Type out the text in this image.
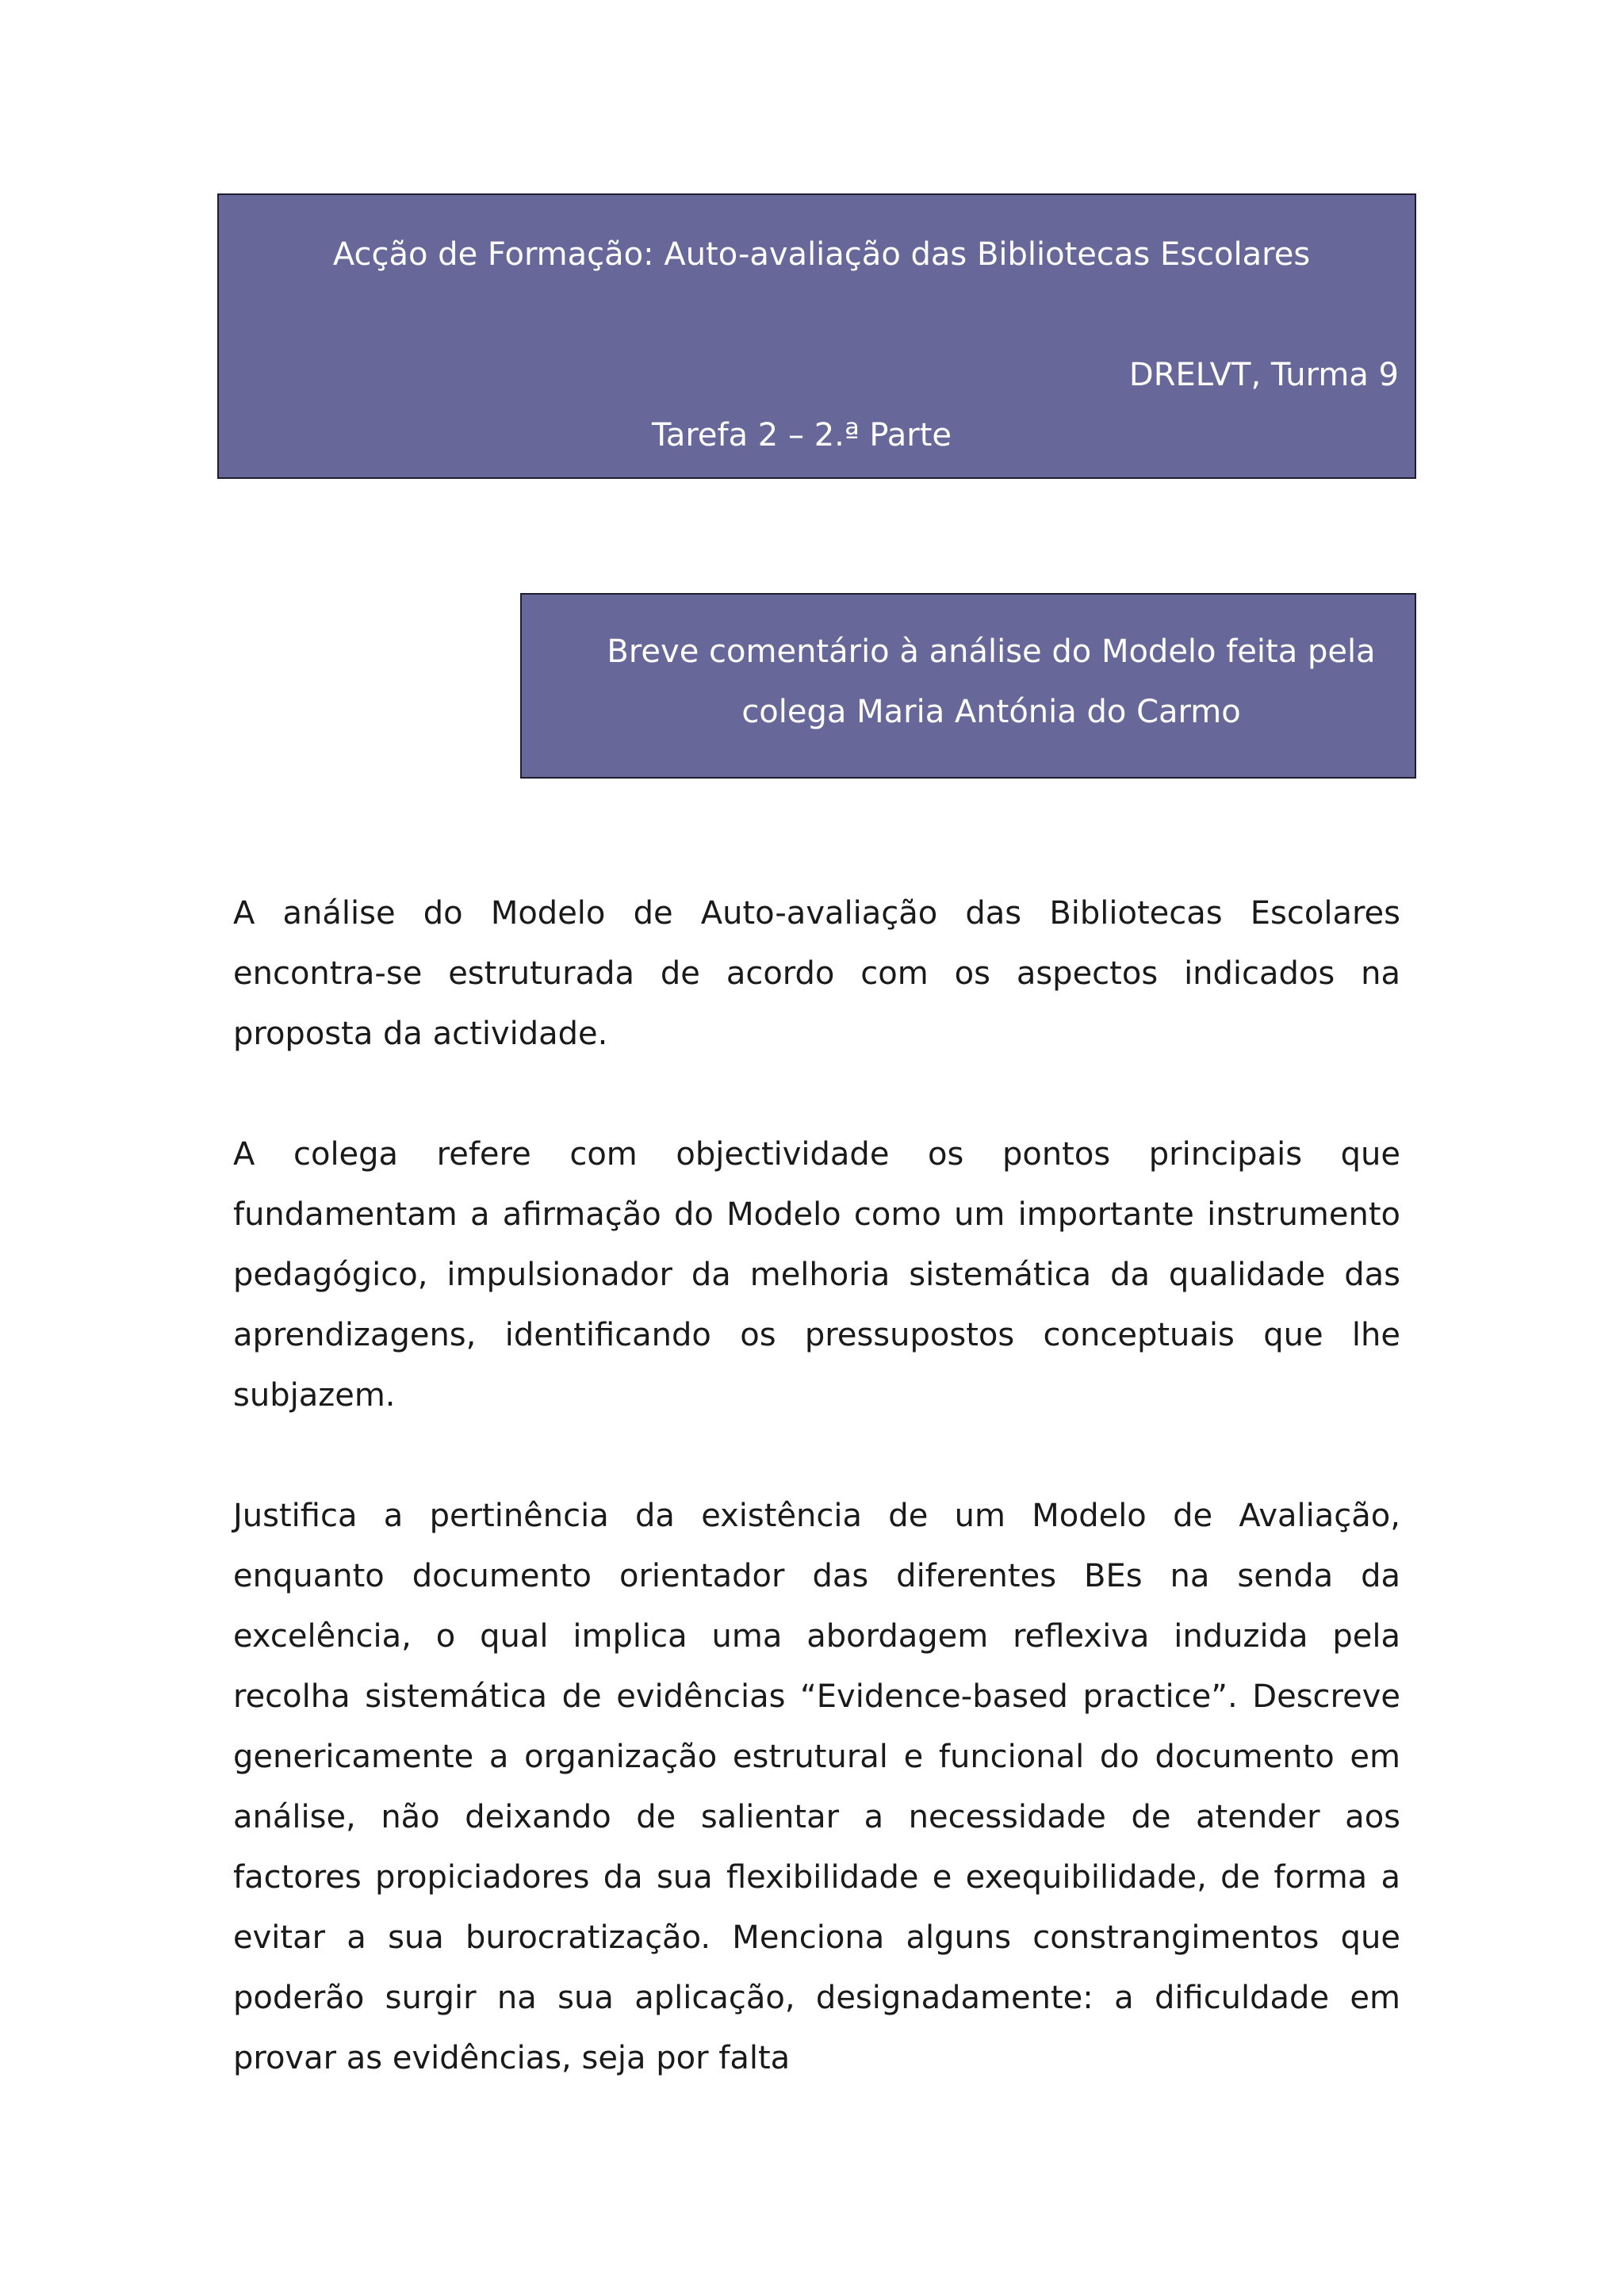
Acção de Formação: Auto-avaliação das Bibliotecas Escolares
DRELVT, Turma 9
Tarefa 2 – 2.ª Parte
Breve comentário à análise do Modelo feita pela colega Maria Antónia do Carmo

A análise do Modelo de Auto-avaliação das Bibliotecas Escolares encontra-se estruturada de acordo com os aspectos indicados na proposta da actividade.

A colega refere com objectividade os pontos principais que fundamentam a afirmação do Modelo como um importante instrumento pedagógico, impulsionador da melhoria sistemática da qualidade das aprendizagens, identificando os pressupostos conceptuais que lhe subjazem.

Justifica a pertinência da existência de um Modelo de Avaliação, enquanto documento orientador das diferentes BEs na senda da excelência, o qual implica uma abordagem reflexiva induzida pela recolha sistemática de evidências “Evidence-based practice”. Descreve genericamente a organização estrutural e funcional do documento em análise, não deixando de salientar a necessidade de atender aos factores propiciadores da sua flexibilidade e exequibilidade, de forma a evitar a sua burocratização. Menciona alguns constrangimentos que poderão surgir na sua aplicação, designadamente: a dificuldade em provar as evidências, seja por falta
